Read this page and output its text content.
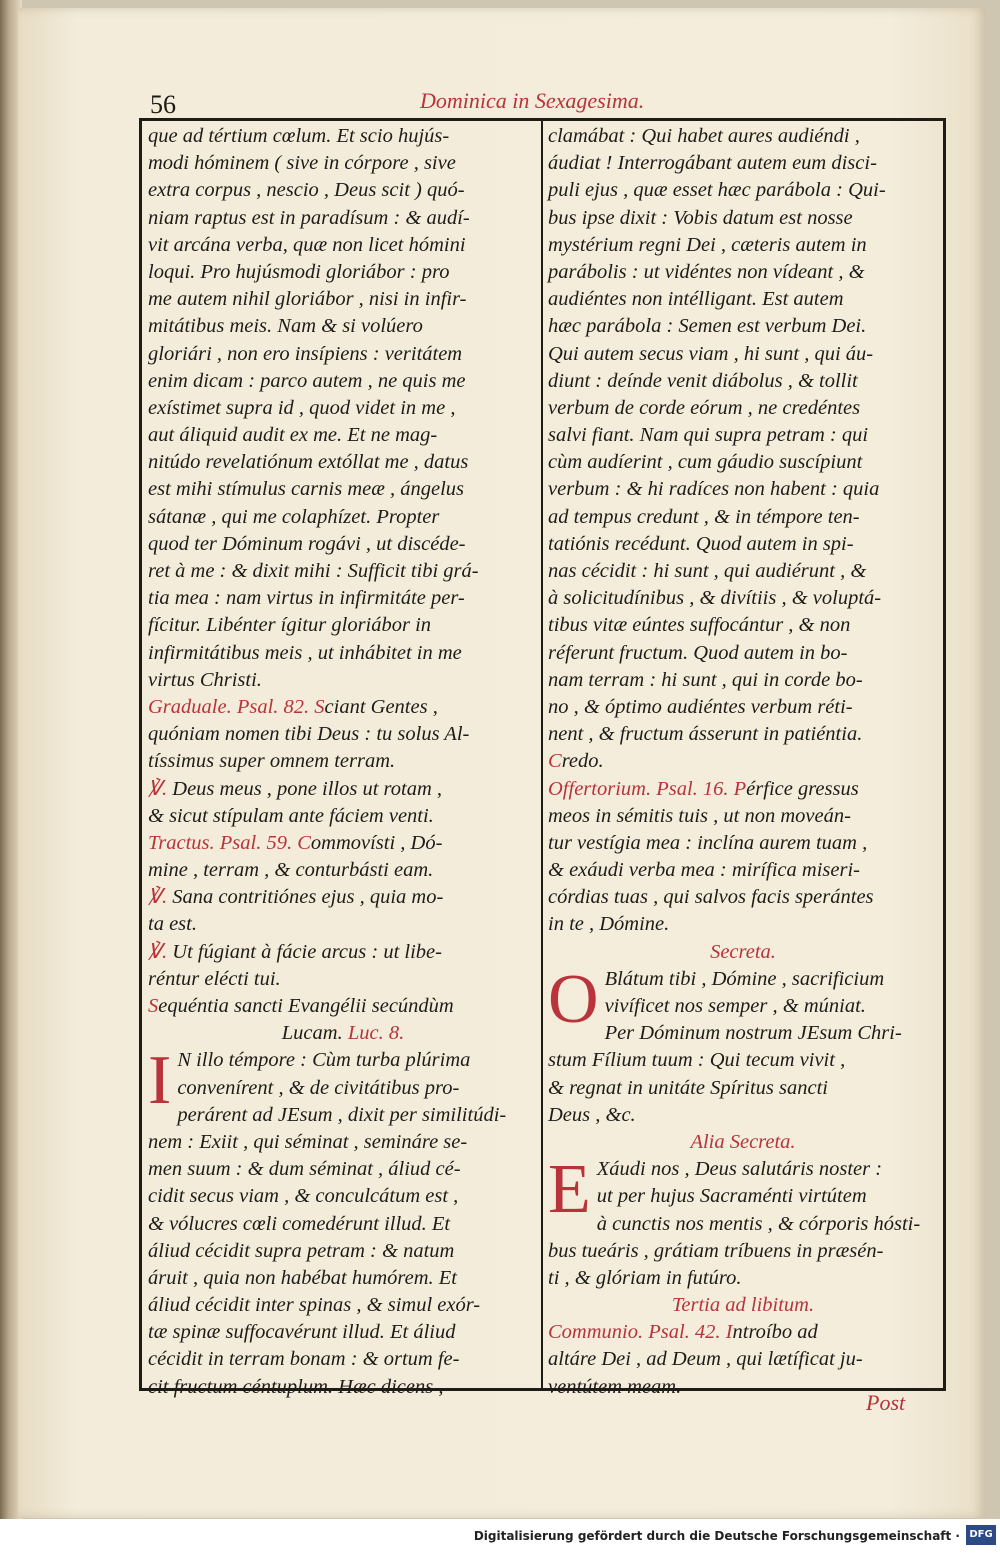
56	Dominica in Sexagesima.
que ad tértium cœlum. Et scio hujús-
modi hóminem ( sive in córpore , sive
extra corpus , nescio , Deus scit ) quó-
niam raptus est in paradísum : & audí-
vit arcána verba, quæ non licet hómini
loqui. Pro hujúsmodi gloriábor : pro
me autem nihil gloriábor , nisi in infir-
mitátibus meis. Nam & si volúero
gloriári , non ero insípiens : veritátem
enim dicam : parco autem , ne quis me
exístimet supra id , quod videt in me ,
aut áliquid audit ex me. Et ne mag-
nitúdo revelatiónum extóllat me , datus
est mihi stímulus carnis meæ , ángelus
sátanæ , qui me colaphízet. Propter
quod ter Dóminum rogávi , ut discéde-
ret à me : & dixit mihi : Sufficit tibi grá-
tia mea : nam virtus in infirmitáte per-
fícitur. Libénter ígitur gloriábor in
infirmitátibus meis , ut inhábitet in me
virtus Christi.
Graduale. Psal. 82. Sciant Gentes ,
quóniam nomen tibi Deus : tu solus Al-
tíssimus super omnem terram.
℣. Deus meus , pone illos ut rotam ,
& sicut stípulam ante fáciem venti.
Tractus. Psal. 59. Commovísti , Dó-
mine , terram , & conturbásti eam.
℣. Sana contritiónes ejus , quia mo-
ta est.
℣. Ut fúgiant à fácie arcus : ut libe-
réntur elécti tui.
Sequéntia sancti Evangélii secúndùm
Lucam. Luc. 8.
I N illo témpore : Cùm turba plúrima
convenírent , & de civitátibus pro-
perárent ad JEsum , dixit per similitúdi-
nem : Exiit , qui séminat , semináre se-
men suum : & dum séminat , áliud cé-
cidit secus viam , & conculcátum est ,
& vólucres cœli comedérunt illud. Et
áliud cécidit supra petram : & natum
áruit , quia non habébat humórem. Et
áliud cécidit inter spinas , & simul exór-
tæ spinæ suffocavérunt illud. Et áliud
cécidit in terram bonam : & ortum fe-
cit fructum céntuplum. Hæc dicens ,
clamábat : Qui habet aures audiéndi ,
áudiat ! Interrogábant autem eum disci-
puli ejus , quæ esset hæc parábola : Qui-
bus ipse dixit : Vobis datum est nosse
mystérium regni Dei , cæteris autem in
parábolis : ut vidéntes non vídeant , &
audiéntes non intélligant. Est autem
hæc parábola : Semen est verbum Dei.
Qui autem secus viam , hi sunt , qui áu-
diunt : deínde venit diábolus , & tollit
verbum de corde eórum , ne credéntes
salvi fiant. Nam qui supra petram : qui
cùm audíerint , cum gáudio suscípiunt
verbum : & hi radíces non habent : quia
ad tempus credunt , & in témpore ten-
tatiónis recédunt. Quod autem in spi-
nas cécidit : hi sunt , qui audiérunt , &
à solicitudínibus , & divítiis , & voluptá-
tibus vitæ eúntes suffocántur , & non
réferunt fructum. Quod autem in bo-
nam terram : hi sunt , qui in corde bo-
no , & óptimo audiéntes verbum réti-
nent , & fructum ásserunt in patiéntia.
Credo.
Offertorium. Psal. 16. Pérfice gressus
meos in sémitis tuis , ut non moveán-
tur vestígia mea : inclína aurem tuam ,
& exáudi verba mea : mirífica miseri-
córdias tuas , qui salvos facis sperántes
in te , Dómine.
Secreta.
O Blátum tibi , Dómine , sacrificium
vivíficet nos semper , & múniat.
Per Dóminum nostrum JEsum Chri-
stum Fílium tuum : Qui tecum vivit ,
& regnat in unitáte Spíritus sancti
Deus , &c.
Alia Secreta.
E Xáudi nos , Deus salutáris noster :
ut per hujus Sacraménti virtútem
à cunctis nos mentis , & córporis hósti-
bus tueáris , grátiam tríbuens in præsén-
ti , & glóriam in futúro.
Tertia ad libitum.
Communio. Psal. 42. Introíbo ad
altáre Dei , ad Deum , qui lætíficat ju-
ventútem meam.
Post
Digitalisierung gefördert durch die Deutsche Forschungsgemeinschaft · DFG
